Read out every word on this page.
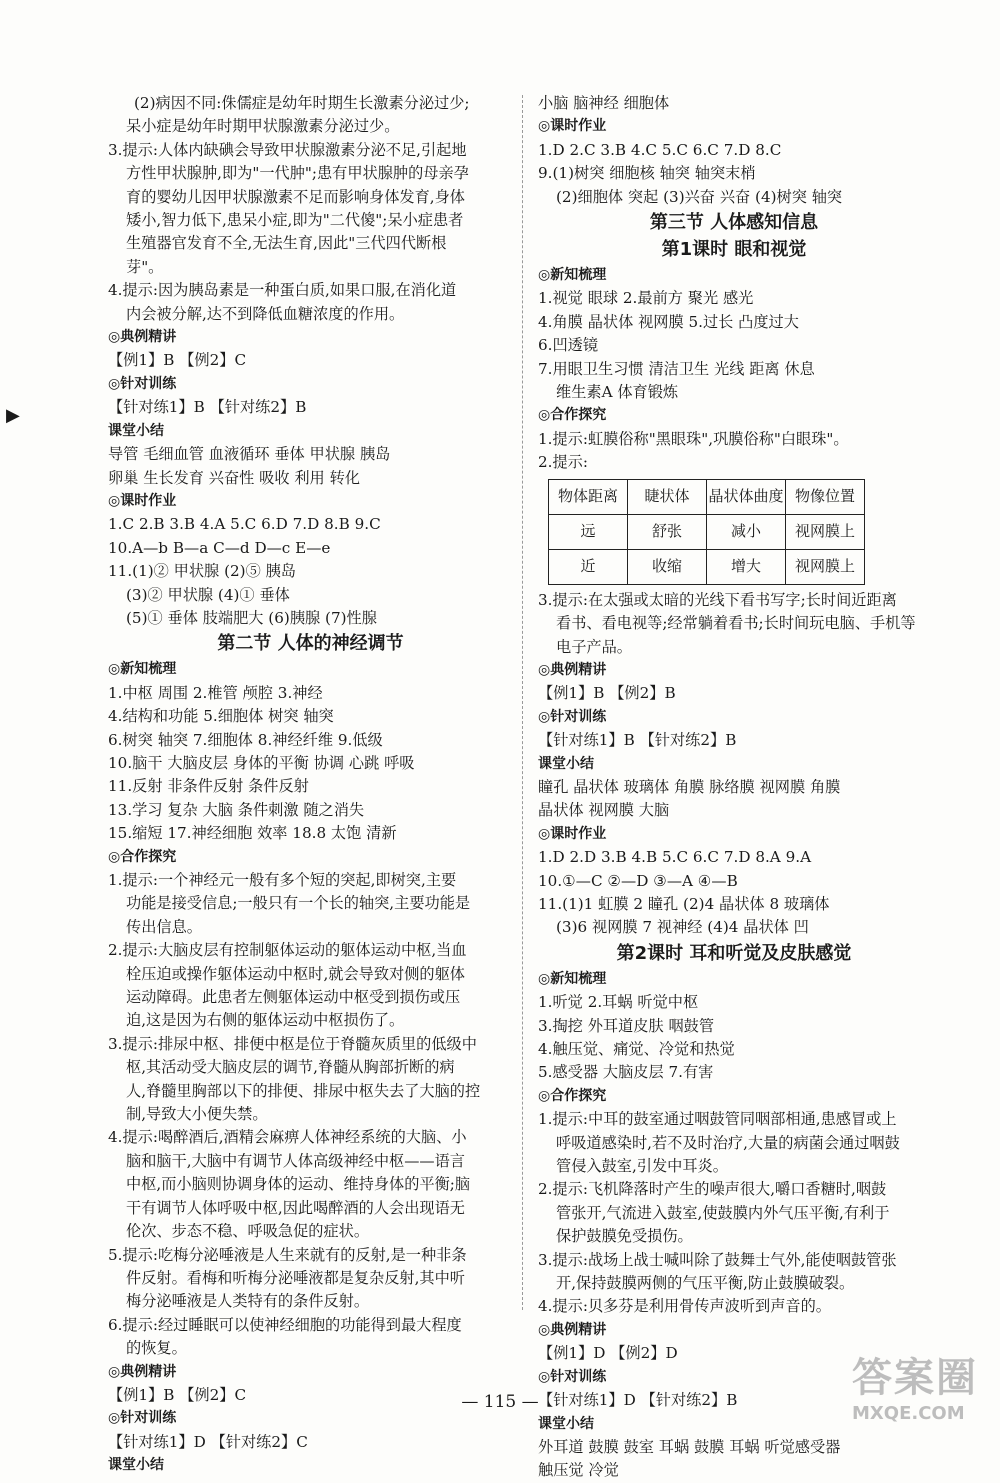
▶
(2)病因不同:侏儒症是幼年时期生长激素分泌过少;
呆小症是幼年时期甲状腺激素分泌过少。
3.提示:人体内缺碘会导致甲状腺激素分泌不足,引起地
方性甲状腺肿,即为"一代肿";患有甲状腺肿的母亲孕
育的婴幼儿因甲状腺激素不足而影响身体发育,身体
矮小,智力低下,患呆小症,即为"二代傻";呆小症患者
生殖器官发育不全,无法生育,因此"三代四代断根
芽"。
4.提示:因为胰岛素是一种蛋白质,如果口服,在消化道
内会被分解,达不到降低血糖浓度的作用。
◎典例精讲
【例1】B 【例2】C
◎针对训练
【针对练1】B 【针对练2】B
课堂小结
导管 毛细血管 血液循环 垂体 甲状腺 胰岛
卵巢 生长发育 兴奋性 吸收 利用 转化
◎课时作业
1.C 2.B 3.B 4.A 5.C 6.D 7.D 8.B 9.C
10.A—b B—a C—d D—c E—e
11.(1)② 甲状腺 (2)⑤ 胰岛
(3)② 甲状腺 (4)① 垂体
(5)① 垂体 肢端肥大 (6)胰腺 (7)性腺
第二节 人体的神经调节
◎新知梳理
1.中枢 周围 2.椎管 颅腔 3.神经
4.结构和功能 5.细胞体 树突 轴突
6.树突 轴突 7.细胞体 8.神经纤维 9.低级
10.脑干 大脑皮层 身体的平衡 协调 心跳 呼吸
11.反射 非条件反射 条件反射
13.学习 复杂 大脑 条件刺激 随之消失
15.缩短 17.神经细胞 效率 18.8 太饱 清新
◎合作探究
1.提示:一个神经元一般有多个短的突起,即树突,主要
功能是接受信息;一般只有一个长的轴突,主要功能是
传出信息。
2.提示:大脑皮层有控制躯体运动的躯体运动中枢,当血
栓压迫或操作躯体运动中枢时,就会导致对侧的躯体
运动障碍。此患者左侧躯体运动中枢受到损伤或压
迫,这是因为右侧的躯体运动中枢损伤了。
3.提示:排尿中枢、排便中枢是位于脊髓灰质里的低级中
枢,其活动受大脑皮层的调节,脊髓从胸部折断的病
人,脊髓里胸部以下的排便、排尿中枢失去了大脑的控
制,导致大小便失禁。
4.提示:喝醉酒后,酒精会麻痹人体神经系统的大脑、小
脑和脑干,大脑中有调节人体高级神经中枢——语言
中枢,而小脑则协调身体的运动、维持身体的平衡;脑
干有调节人体呼吸中枢,因此喝醉酒的人会出现语无
伦次、步态不稳、呼吸急促的症状。
5.提示:吃梅分泌唾液是人生来就有的反射,是一种非条
件反射。看梅和听梅分泌唾液都是复杂反射,其中听
梅分泌唾液是人类特有的条件反射。
6.提示:经过睡眠可以使神经细胞的功能得到最大程度
的恢复。
◎典例精讲
【例1】B 【例2】C
◎针对训练
【针对练1】D 【针对练2】C
课堂小结
小脑 脑神经 细胞体
◎课时作业
1.D 2.C 3.B 4.C 5.C 6.C 7.D 8.C
9.(1)树突 细胞核 轴突 轴突末梢
(2)细胞体 突起 (3)兴奋 兴奋 (4)树突 轴突
第三节 人体感知信息
第1课时 眼和视觉
◎新知梳理
1.视觉 眼球 2.最前方 聚光 感光
4.角膜 晶状体 视网膜 5.过长 凸度过大
6.凹透镜
7.用眼卫生习惯 清洁卫生 光线 距离 休息
维生素A 体育锻炼
◎合作探究
1.提示:虹膜俗称"黑眼珠",巩膜俗称"白眼珠"。
2.提示:
物体距离	睫状体	晶状体曲度	物像位置
远	舒张	减小	视网膜上
近	收缩	增大	视网膜上
3.提示:在太强或太暗的光线下看书写字;长时间近距离
看书、看电视等;经常躺着看书;长时间玩电脑、手机等
电子产品。
◎典例精讲
【例1】B 【例2】B
◎针对训练
【针对练1】B 【针对练2】B
课堂小结
瞳孔 晶状体 玻璃体 角膜 脉络膜 视网膜 角膜
晶状体 视网膜 大脑
◎课时作业
1.D 2.D 3.B 4.B 5.C 6.C 7.D 8.A 9.A
10.①—C ②—D ③—A ④—B
11.(1)1 虹膜 2 瞳孔 (2)4 晶状体 8 玻璃体
(3)6 视网膜 7 视神经 (4)4 晶状体 凹
第2课时 耳和听觉及皮肤感觉
◎新知梳理
1.听觉 2.耳蜗 听觉中枢
3.掏挖 外耳道皮肤 咽鼓管
4.触压觉、痛觉、冷觉和热觉
5.感受器 大脑皮层 7.有害
◎合作探究
1.提示:中耳的鼓室通过咽鼓管同咽部相通,患感冒或上
呼吸道感染时,若不及时治疗,大量的病菌会通过咽鼓
管侵入鼓室,引发中耳炎。
2.提示:飞机降落时产生的噪声很大,嚼口香糖时,咽鼓
管张开,气流进入鼓室,使鼓膜内外气压平衡,有利于
保护鼓膜免受损伤。
3.提示:战场上战士喊叫除了鼓舞士气外,能使咽鼓管张
开,保持鼓膜两侧的气压平衡,防止鼓膜破裂。
4.提示:贝多芬是利用骨传声波听到声音的。
◎典例精讲
【例1】D 【例2】D
◎针对训练
【针对练1】D 【针对练2】B
课堂小结
外耳道 鼓膜 鼓室 耳蜗 鼓膜 耳蜗 听觉感受器
触压觉 冷觉
— 115 —
答案圈
MXQE.COM
